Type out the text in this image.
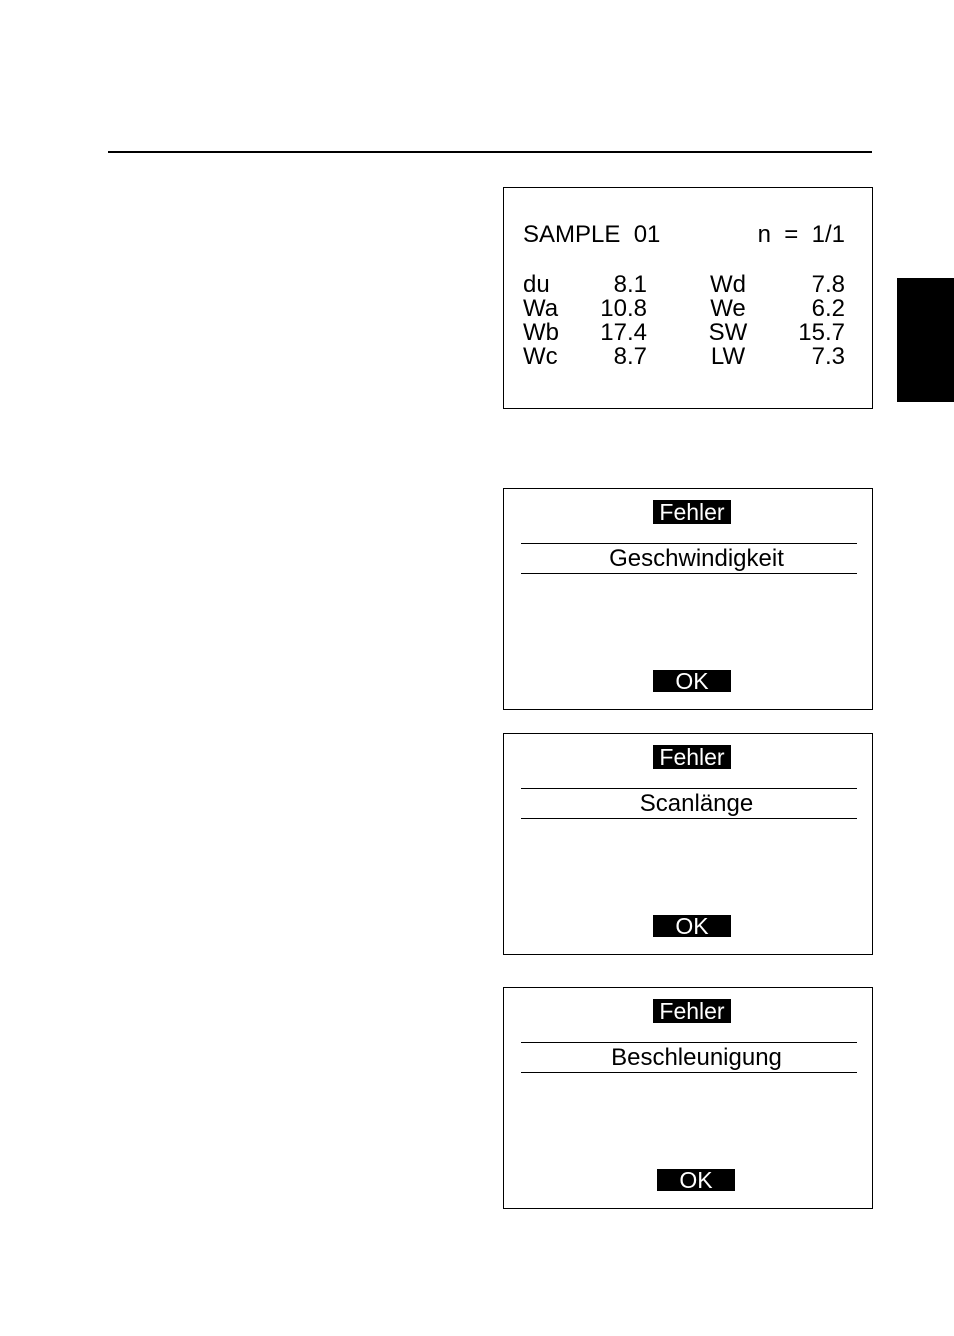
SAMPLE  01	n  =  1/1
du	8.1	Wd	7.8
Wa 10.8	We	6.2
Wb 17.4	SW 15.7
Wc 8.7	LW	7.3
Fehler
Geschwindigkeit
OK
Fehler
Scanlänge
OK
Fehler
Beschleunigung
OK
